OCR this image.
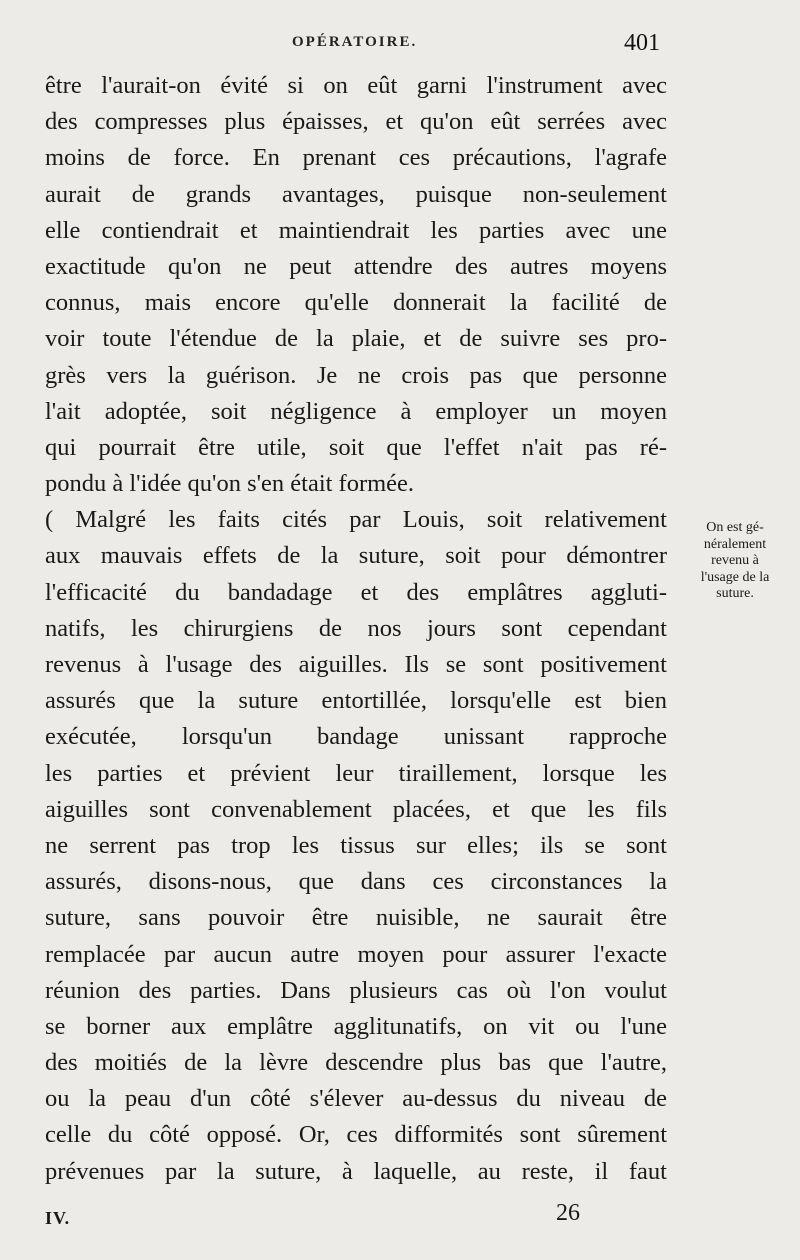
OPÉRATOIRE.	401
être l'aurait-on évité si on eût garni l'instrument avec
des compresses plus épaisses, et qu'on eût serrées avec
moins de force. En prenant ces précautions, l'agrafe
aurait de grands avantages, puisque non-seulement
elle contiendrait et maintiendrait les parties avec une
exactitude qu'on ne peut attendre des autres moyens
connus, mais encore qu'elle donnerait la facilité de
voir toute l'étendue de la plaie, et de suivre ses pro-
grès vers la guérison. Je ne crois pas que personne
l'ait adoptée, soit négligence à employer un moyen
qui pourrait être utile, soit que l'effet n'ait pas ré-
pondu à l'idée qu'on s'en était formée.
( Malgré les faits cités par Louis, soit relativement
aux mauvais effets de la suture, soit pour démontrer
l'efficacité du bandadage et des emplâtres aggluti-
natifs, les chirurgiens de nos jours sont cependant
revenus à l'usage des aiguilles. Ils se sont positivement
assurés que la suture entortillée, lorsqu'elle est bien
exécutée, lorsqu'un bandage unissant rapproche
les parties et prévient leur tiraillement, lorsque les
aiguilles sont convenablement placées, et que les fils
ne serrent pas trop les tissus sur elles; ils se sont
assurés, disons-nous, que dans ces circonstances la
suture, sans pouvoir être nuisible, ne saurait être
remplacée par aucun autre moyen pour assurer l'exacte
réunion des parties. Dans plusieurs cas où l'on voulut
se borner aux emplâtre agglitunatifs, on vit ou l'une
des moitiés de la lèvre descendre plus bas que l'autre,
ou la peau d'un côté s'élever au-dessus du niveau de
celle du côté opposé. Or, ces difformités sont sûrement
prévenues par la suture, à laquelle, au reste, il faut
On est gé-
néralement
revenu à
l'usage de la
suture.
IV.	26
